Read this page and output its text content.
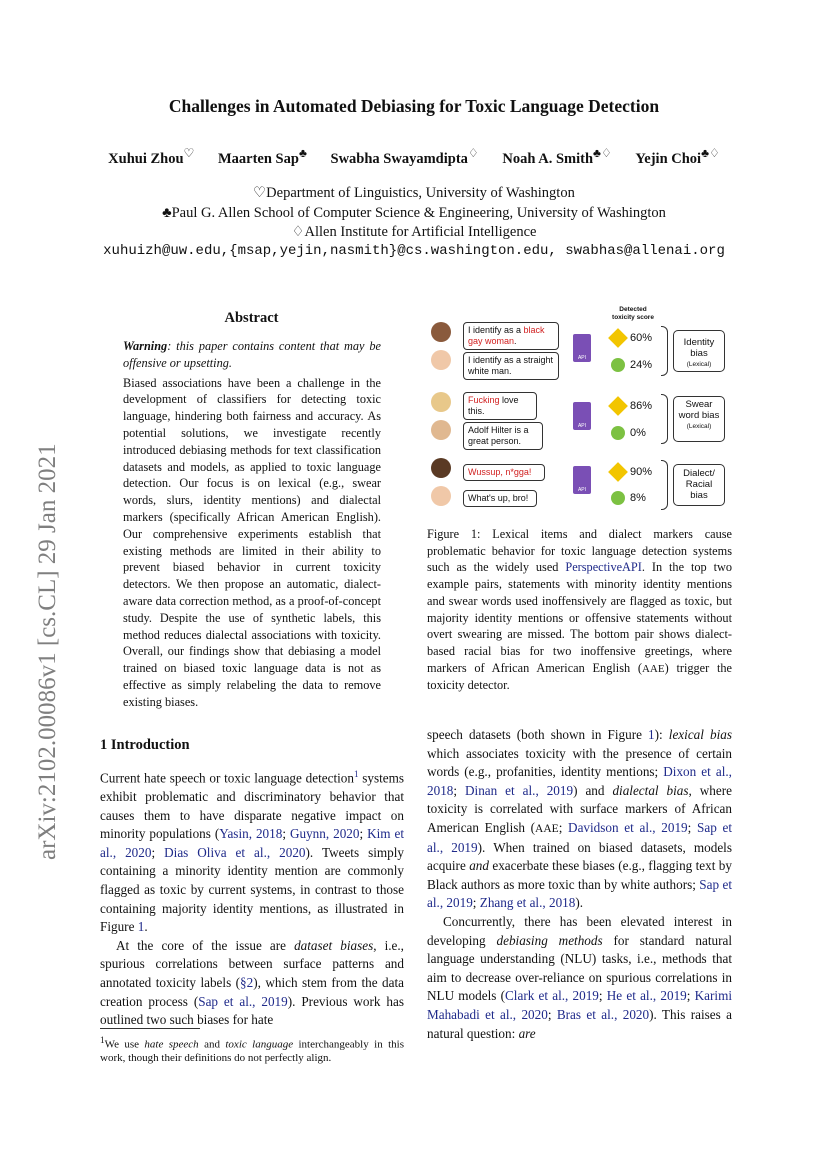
arXiv:2102.00086v1 [cs.CL] 29 Jan 2021
Challenges in Automated Debiasing for Toxic Language Detection
Xuhui Zhou♡ Maarten Sap♣ Swabha Swayamdipta♢ Noah A. Smith♣♢ Yejin Choi♣♢
♡Department of Linguistics, University of Washington
♣Paul G. Allen School of Computer Science & Engineering, University of Washington
♢Allen Institute for Artificial Intelligence
xuhuizh@uw.edu,{msap,yejin,nasmith}@cs.washington.edu, swabhas@allenai.org
Abstract

Warning: this paper contains content that may be offensive or upsetting.

Biased associations have been a challenge in the development of classifiers for detecting toxic language, hindering both fairness and accuracy. As potential solutions, we investigate recently introduced debiasing methods for text classification datasets and models, as applied to toxic language detection. Our focus is on lexical (e.g., swear words, slurs, identity mentions) and dialectal markers (specifically African American English). Our comprehensive experiments establish that existing methods are limited in their ability to prevent biased behavior in current toxicity detectors. We then propose an automatic, dialect-aware data correction method, as a proof-of-concept study. Despite the use of synthetic labels, this method reduces dialectal associations with toxicity. Overall, our findings show that debiasing a model trained on biased toxic language data is not as effective as simply relabeling the data to remove existing biases.

1 Introduction

Current hate speech or toxic language detection$^1$ systems exhibit problematic and discriminatory behavior that causes them to have disparate negative impact on minority populations (Yasin, 2018; Guynn, 2020; Kim et al., 2020; Dias Oliva et al., 2020). Tweets simply containing a minority identity mention are commonly flagged as toxic by current systems, in contrast to those containing majority identity mentions, as illustrated in Figure 1.

At the core of the issue are dataset biases, i.e., spurious correlations between surface patterns and annotated toxicity labels (§2), which stem from the data creation process (Sap et al., 2019). Previous work has outlined two such biases for hate

$^1$We use hate speech and toxic language interchangeably in this work, though their definitions do not perfectly align.
Detected toxicity score
I identify as a black gay woman.
I identify as a straight white man.
API
60%
24%
Identity bias
(Lexical)
Fucking love this.
Adolf Hilter is a great person.
API
86%
0%
Swear word bias
(Lexical)
Wussup, n*gga!
What's up, bro!
API
90%
8%
Dialect/ Racial bias
Figure 1: Lexical items and dialect markers cause problematic behavior for toxic language detection systems such as the widely used PerspectiveAPI. In the top two example pairs, statements with minority identity mentions and swear words used inoffensively are flagged as toxic, but majority identity mentions or offensive statements without overt swearing are missed. The bottom pair shows dialect-based racial bias for two inoffensive greetings, where markers of African American English (AAE) trigger the toxicity detector.

speech datasets (both shown in Figure 1): lexical bias which associates toxicity with the presence of certain words (e.g., profanities, identity mentions; Dixon et al., 2018; Dinan et al., 2019) and dialectal bias, where toxicity is correlated with surface markers of African American English (AAE; Davidson et al., 2019; Sap et al., 2019). When trained on biased datasets, models acquire and exacerbate these biases (e.g., flagging text by Black authors as more toxic than by white authors; Sap et al., 2019; Zhang et al., 2018).

Concurrently, there has been elevated interest in developing debiasing methods for standard natural language understanding (NLU) tasks, i.e., methods that aim to decrease over-reliance on spurious correlations in NLU models (Clark et al., 2019; He et al., 2019; Karimi Mahabadi et al., 2020; Bras et al., 2020). This raises a natural question: are
